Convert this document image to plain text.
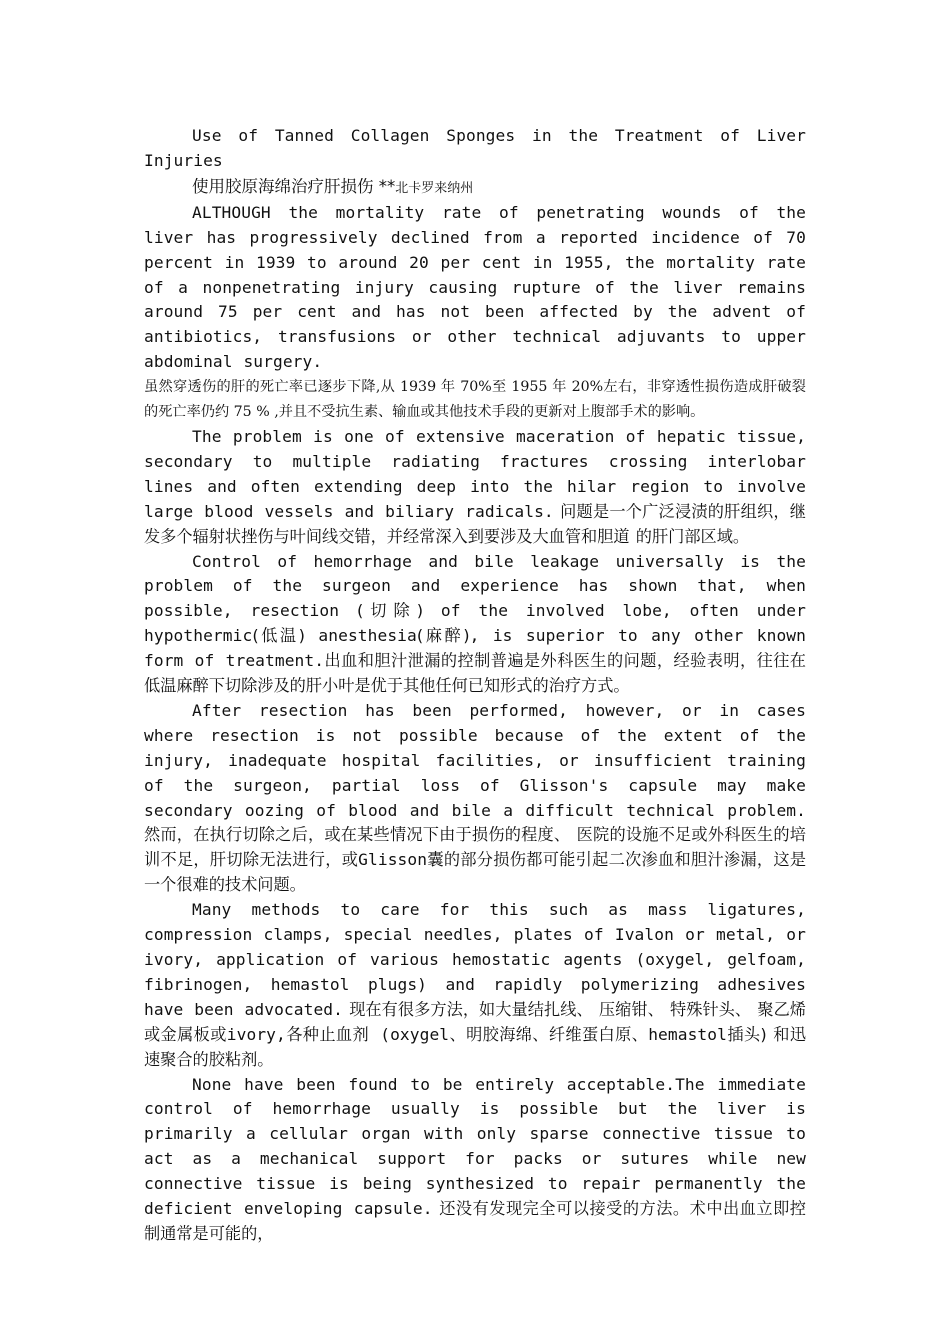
Use of Tanned Collagen Sponges in the Treatment of Liver

Injuries

使用胶原海绵治疗肝损伤 **北卡罗来纳州

ALTHOUGH the mortality rate of penetrating wounds of the liver has progressively declined from a reported incidence of 70 percent in 1939 to around 20 per cent in 1955, the mortality rate of a nonpenetrating injury causing rupture of the liver remains around 75 per cent and has not been affected by the advent of antibiotics, transfusions or other technical adjuvants to upper abdominal surgery.

虽然穿透伤的肝的死亡率已逐步下降,从 1939 年 70%至 1955 年 20%左右，非穿透性损伤造成肝破裂的死亡率仍约 75 % ,并且不受抗生素、输血或其他技术手段的更新对上腹部手术的影响。

The problem is one of extensive maceration of hepatic tissue, secondary to multiple radiating fractures crossing interlobar lines and often extending deep into the hilar region to involve large blood vessels and biliary radicals. 问题是一个广泛浸渍的肝组织，继发多个辐射状挫伤与叶间线交错，并经常深入到要涉及大血管和胆道 的肝门部区域。

Control of hemorrhage and bile leakage universally is the problem of the surgeon and experience has shown that, when possible, resection (切除) of the involved lobe, often under hypothermic(低温) anesthesia(麻醉), is superior to any other known form of treatment.出血和胆汁泄漏的控制普遍是外科医生的问题，经验表明，往往在低温麻醉下切除涉及的肝小叶是优于其他任何已知形式的治疗方式。

After resection has been performed, however, or in cases where resection is not possible because of the extent of the injury, inadequate hospital facilities, or insufficient training of the surgeon, partial loss of Glisson's capsule may make secondary oozing of blood and bile a difficult technical problem.然而，在执行切除之后，或在某些情况下由于损伤的程度、 医院的设施不足或外科医生的培训不足，肝切除无法进行，或Glisson囊的部分损伤都可能引起二次渗血和胆汁渗漏，这是一个很难的技术问题。

Many methods to care for this such as mass ligatures, compression clamps, special needles, plates of Ivalon or metal, or ivory, application of various hemostatic agents (oxygel, gelfoam, fibrinogen, hemastol plugs) and rapidly polymerizing adhesives have been advocated. 现在有很多方法，如大量结扎线、 压缩钳、 特殊针头、 聚乙烯或金属板或ivory,各种止血剂 (oxygel、明胶海绵、纤维蛋白原、hemastol插头) 和迅速聚合的胶粘剂。

None have been found to be entirely acceptable.The immediate control of hemorrhage usually is possible but the liver is primarily a cellular organ with only sparse connective tissue to act as a mechanical support for packs or sutures while new connective tissue is being synthesized to repair permanently the deficient enveloping capsule. 还没有发现完全可以接受的方法。术中出血立即控制通常是可能的，
